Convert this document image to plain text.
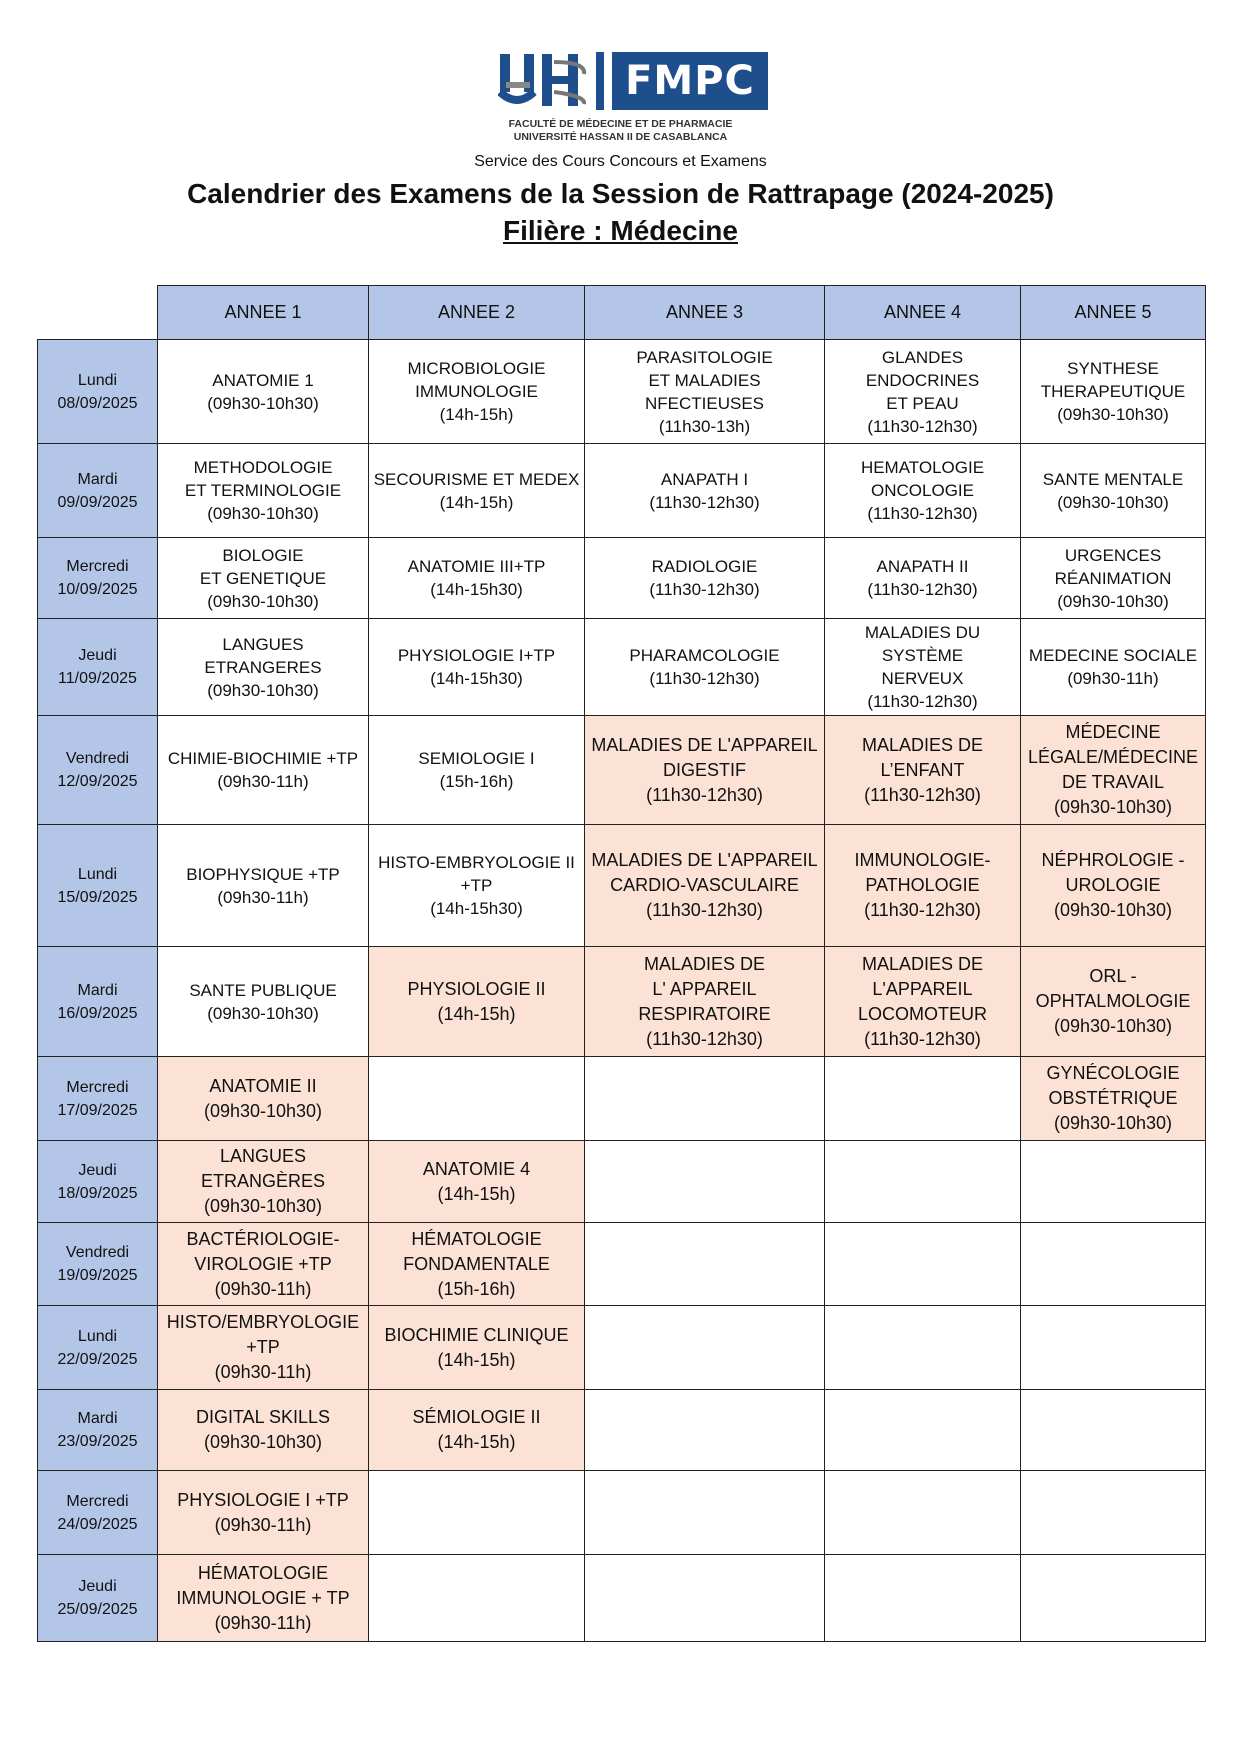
FMPC
FACULTÉ DE MÉDECINE ET DE PHARMACIE
UNIVERSITÉ HASSAN II DE CASABLANCA
Service des Cours Concours et Examens
Calendrier des Examens de la Session de Rattrapage (2024-2025)
Filière : Médecine
	ANNEE 1	ANNEE 2	ANNEE 3	ANNEE 4	ANNEE 5

Lundi
08/09/2025	ANATOMIE 1
(09h30-10h30)	MICROBIOLOGIE
IMMUNOLOGIE
(14h-15h)	PARASITOLOGIE
ET MALADIES
NFECTIEUSES
(11h30-13h)	GLANDES ENDOCRINES
ET PEAU
(11h30-12h30)	SYNTHESE
THERAPEUTIQUE
(09h30-10h30)

Mardi
09/09/2025	METHODOLOGIE
ET TERMINOLOGIE
(09h30-10h30)	SECOURISME ET MEDEX
(14h-15h)	ANAPATH I
(11h30-12h30)	HEMATOLOGIE
ONCOLOGIE
(11h30-12h30)	SANTE MENTALE
(09h30-10h30)

Mercredi
10/09/2025	BIOLOGIE
ET GENETIQUE
(09h30-10h30)	ANATOMIE III+TP
(14h-15h30)	RADIOLOGIE
(11h30-12h30)	ANAPATH II
(11h30-12h30)	URGENCES
RÉANIMATION
(09h30-10h30)

Jeudi
11/09/2025	LANGUES ETRANGERES
(09h30-10h30)	PHYSIOLOGIE I+TP
(14h-15h30)	PHARAMCOLOGIE
(11h30-12h30)	MALADIES DU SYSTÈME
NERVEUX
(11h30-12h30)	MEDECINE SOCIALE
(09h30-11h)

Vendredi
12/09/2025	CHIMIE-BIOCHIMIE +TP
(09h30-11h)	SEMIOLOGIE I
(15h-16h)	MALADIES DE L'APPAREIL
DIGESTIF
(11h30-12h30)	MALADIES DE
L’ENFANT
(11h30-12h30)	MÉDECINE
LÉGALE/MÉDECINE
DE TRAVAIL
(09h30-10h30)

Lundi
15/09/2025	BIOPHYSIQUE +TP
(09h30-11h)	HISTO-EMBRYOLOGIE II
+TP
(14h-15h30)	MALADIES DE L'APPAREIL
CARDIO-VASCULAIRE
(11h30-12h30)	IMMUNOLOGIE-
PATHOLOGIE
(11h30-12h30)	NÉPHROLOGIE -
UROLOGIE
(09h30-10h30)

Mardi
16/09/2025	SANTE PUBLIQUE
(09h30-10h30)	PHYSIOLOGIE II
(14h-15h)	MALADIES DE
L' APPAREIL
RESPIRATOIRE
(11h30-12h30)	MALADIES DE
L'APPAREIL
LOCOMOTEUR
(11h30-12h30)	ORL -
OPHTALMOLOGIE
(09h30-10h30)

Mercredi
17/09/2025	ANATOMIE II
(09h30-10h30)				GYNÉCOLOGIE
OBSTÉTRIQUE
(09h30-10h30)

Jeudi
18/09/2025	LANGUES ETRANGÈRES
(09h30-10h30)	ANATOMIE 4
(14h-15h)			

Vendredi
19/09/2025	BACTÉRIOLOGIE-
VIROLOGIE +TP
(09h30-11h)	HÉMATOLOGIE
FONDAMENTALE
(15h-16h)			

Lundi
22/09/2025	HISTO/EMBRYOLOGIE
+TP
(09h30-11h)	BIOCHIMIE CLINIQUE
(14h-15h)			

Mardi
23/09/2025	DIGITAL SKILLS
(09h30-10h30)	SÉMIOLOGIE II
(14h-15h)			

Mercredi
24/09/2025	PHYSIOLOGIE I +TP
(09h30-11h)				

Jeudi
25/09/2025	HÉMATOLOGIE
IMMUNOLOGIE + TP
(09h30-11h)				
